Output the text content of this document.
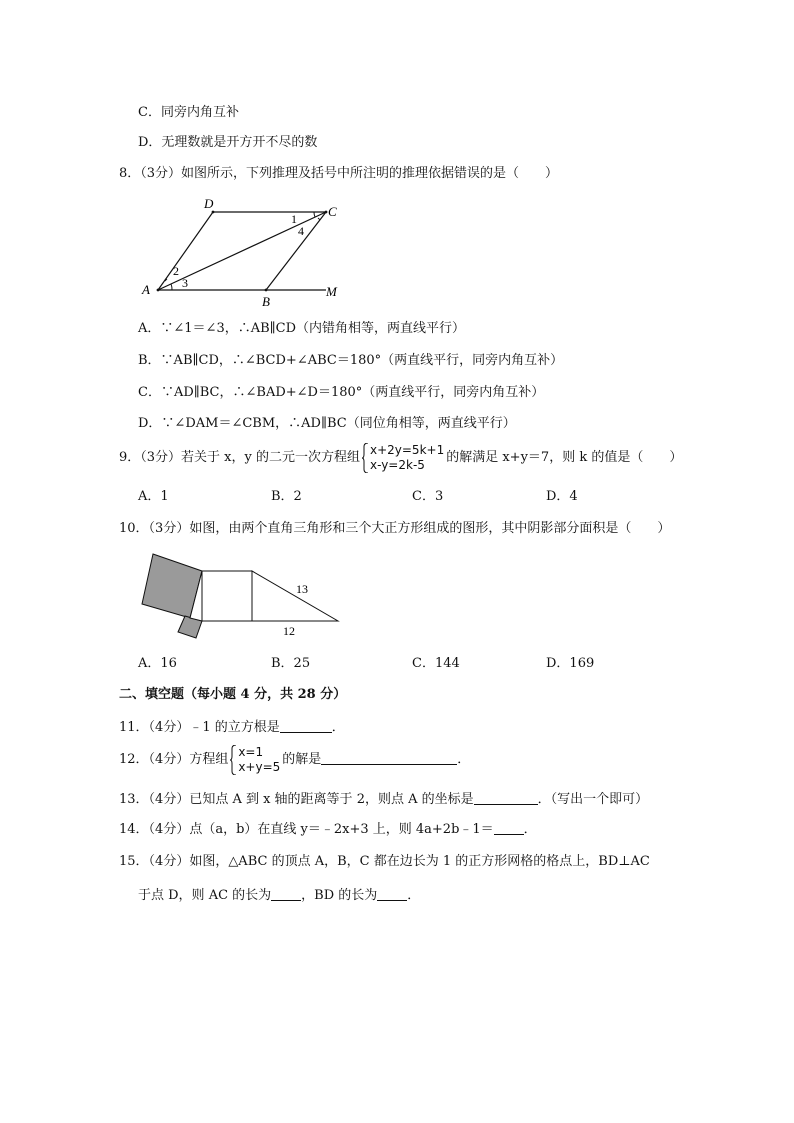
C．同旁内角互补
D．无理数就是开方开不尽的数
8．（3分）如图所示，下列推理及括号中所注明的推理依据错误的是（　　）
D
C
A
B
M
1
4
2
3
A．∵∠1＝∠3，∴AB∥CD（内错角相等，两直线平行）
B．∵AB∥CD，∴∠BCD+∠ABC＝180°（两直线平行，同旁内角互补）
C．∵AD∥BC，∴∠BAD+∠D＝180°（两直线平行，同旁内角互补）
D．∵∠DAM＝∠CBM，∴AD∥BC（同位角相等，两直线平行）
9．（3分）若关于 x，y 的二元一次方程组
x+2y=5k+1
x-y=2k-5	的解满足 x+y＝7，则 k 的值是（　　）
A．1	B．2	C．3	D．4
10．（3分）如图，由两个直角三角形和三个大正方形组成的图形，其中阴影部分面积是（　　）
13
12
A．16	B．25	C．144	D．169
二、填空题（每小题 4 分，共 28 分）
11．（4分）﹣1 的立方根是	．
12．（4分）方程组
x=1
x+y=5 的解是	．
13．（4分）已知点 A 到 x 轴的距离等于 2，则点 A 的坐标是	．（写出一个即可）
14．（4分）点（a，b）在直线 y＝﹣2x+3 上，则 4a+2b﹣1＝ ．
15．（4分）如图，△ABC 的顶点 A，B，C 都在边长为 1 的正方形网格的格点上，BD⊥AC
于点 D，则 AC 的长为 ，BD 的长为 ．
